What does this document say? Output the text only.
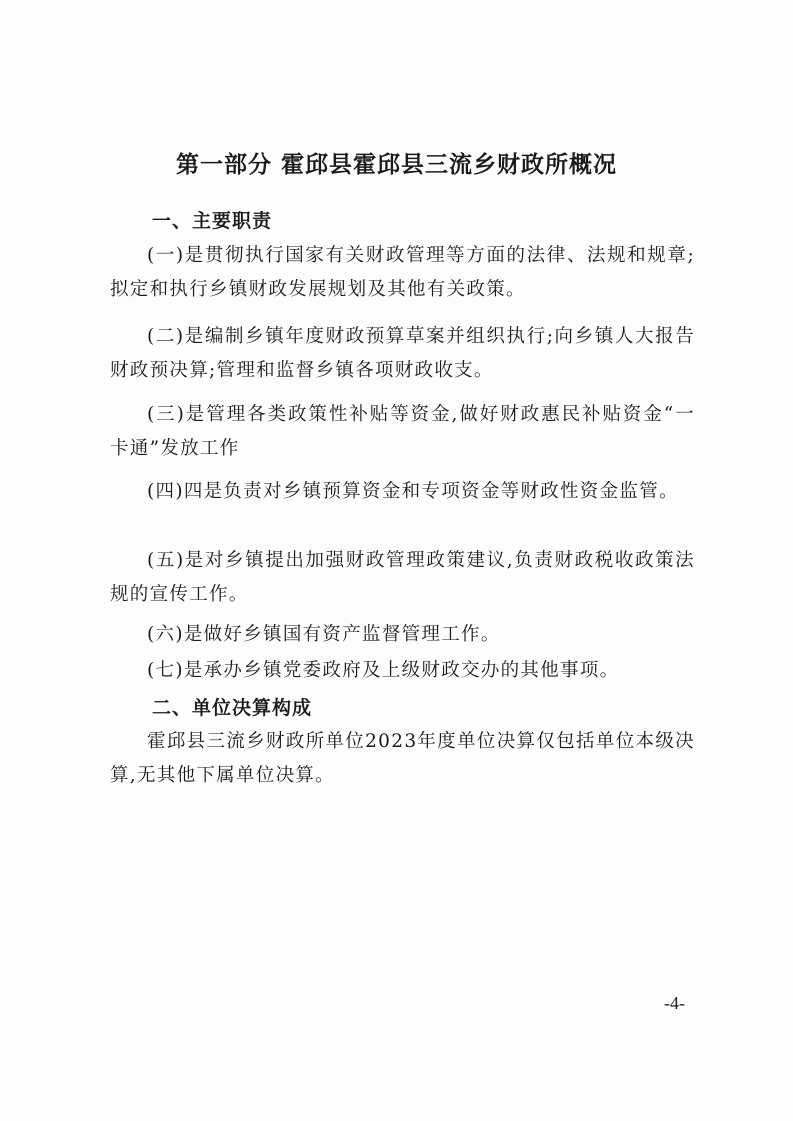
第一部分 霍邱县霍邱县三流乡财政所概况
一、主要职责

(一)是贯彻执行国家有关财政管理等方面的法律、法规和规章;拟定和执行乡镇财政发展规划及其他有关政策。

(二)是编制乡镇年度财政预算草案并组织执行;向乡镇人大报告财政预决算;管理和监督乡镇各项财政收支。

(三)是管理各类政策性补贴等资金,做好财政惠民补贴资金“一卡通”发放工作

(四)四是负责对乡镇预算资金和专项资金等财政性资金监管。

(五)是对乡镇提出加强财政管理政策建议,负责财政税收政策法规的宣传工作。

(六)是做好乡镇国有资产监督管理工作。

(七)是承办乡镇党委政府及上级财政交办的其他事项。

二、单位决算构成

霍邱县三流乡财政所单位2023年度单位决算仅包括单位本级决算,无其他下属单位决算。

-4-
